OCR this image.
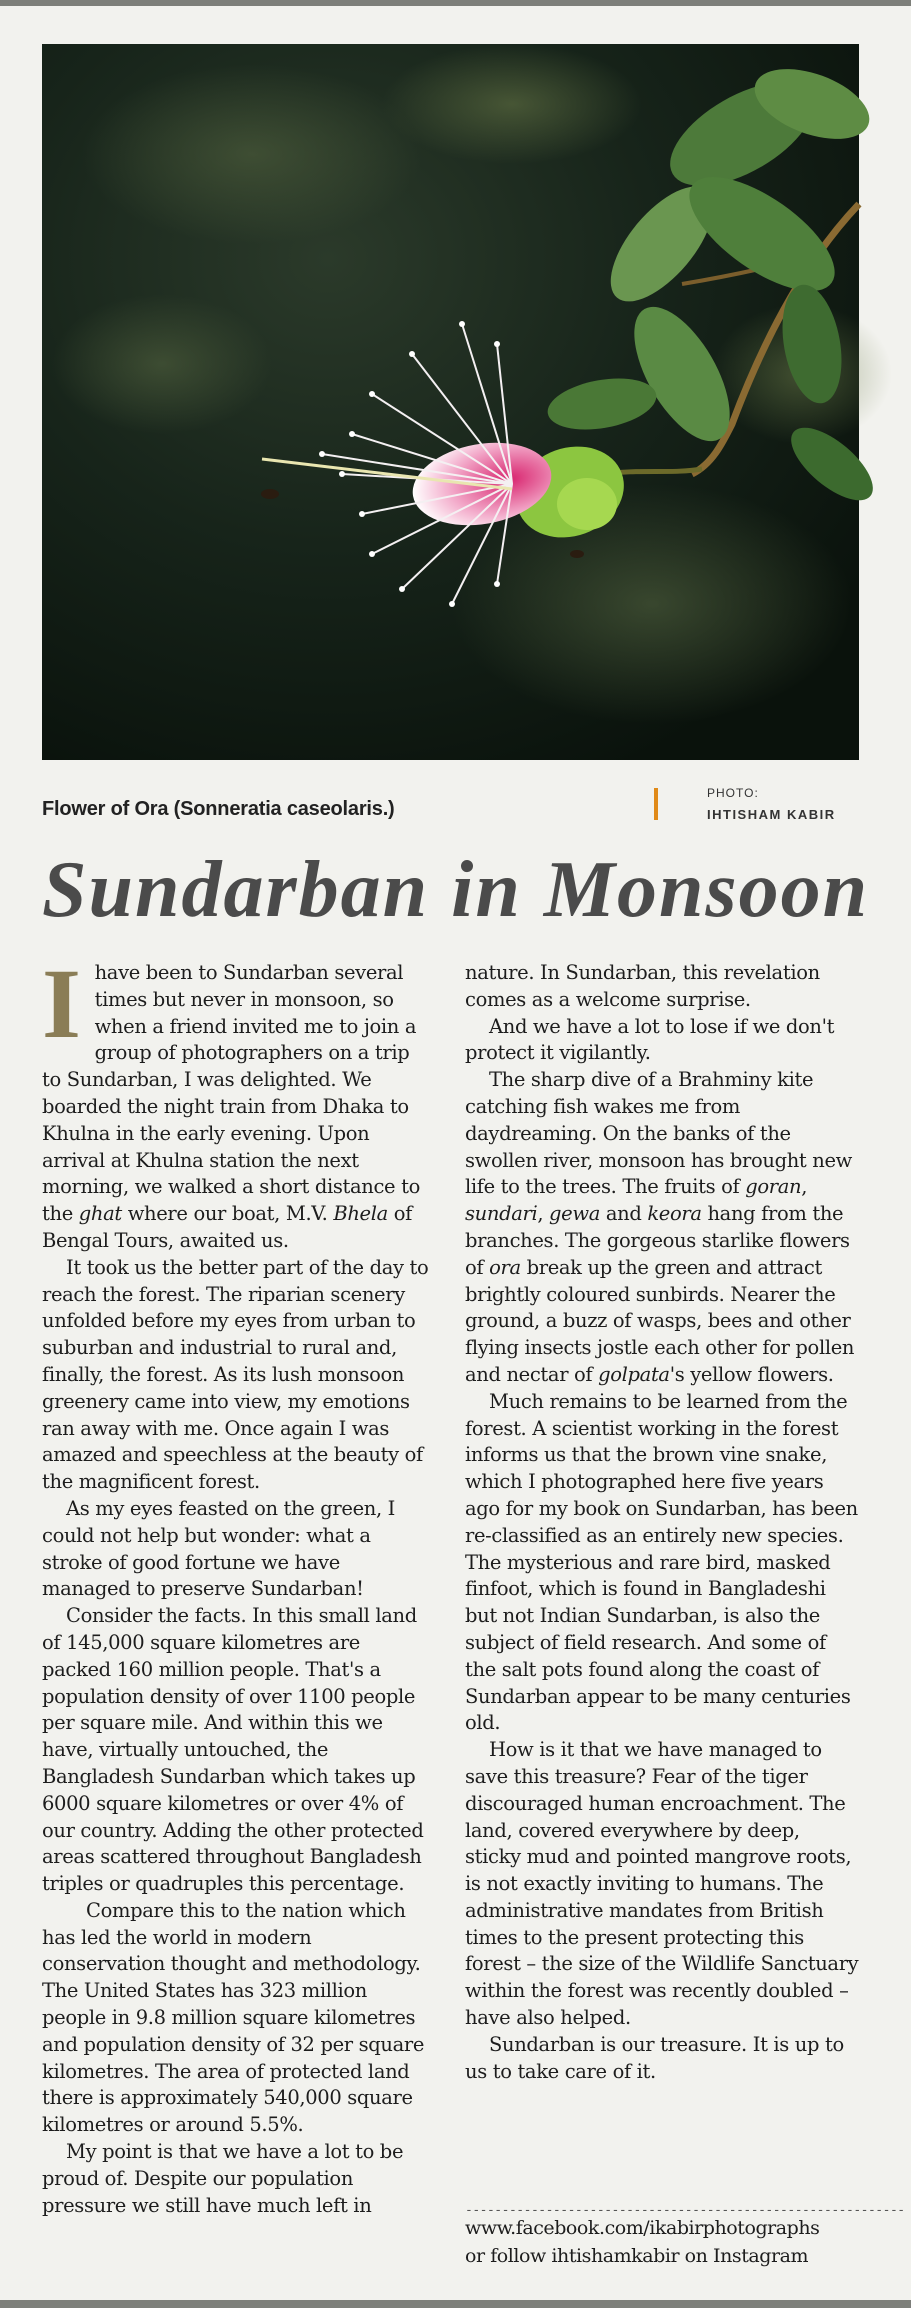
Flower of Ora (Sonneratia caseolaris.)
PHOTO:
IHTISHAM KABIR
Sundarban in Monsoon

Ihave been to Sundarban several times but never in monsoon, so when a friend invited me to join a group of photographers on a trip to Sundarban, I was delighted. We boarded the night train from Dhaka to Khulna in the early evening. Upon arrival at Khulna station the next morning, we walked a short distance to the ghat where our boat, M.V. Bhela of Bengal Tours, awaited us.

It took us the better part of the day to reach the forest. The riparian scenery unfolded before my eyes from urban to suburban and industrial to rural and, finally, the forest. As its lush monsoon greenery came into view, my emotions ran away with me. Once again I was amazed and speechless at the beauty of the magnificent forest.

As my eyes feasted on the green, I could not help but wonder: what a stroke of good fortune we have managed to preserve Sundarban!

Consider the facts. In this small land of 145,000 square kilometres are packed 160 million people. That's a population density of over 1100 people per square mile. And within this we have, virtually untouched, the Bangladesh Sundarban which takes up 6000 square kilometres or over 4% of our country. Adding the other protected areas scattered throughout Bangladesh triples or quadruples this percentage.

Compare this to the nation which has led the world in modern conservation thought and methodology. The United States has 323 million people in 9.8 million square kilometres and population density of 32 per square kilometres. The area of protected land there is approximately 540,000 square kilometres or around 5.5%.

My point is that we have a lot to be proud of. Despite our population pressure we still have much left in

nature. In Sundarban, this revelation comes as a welcome surprise.

And we have a lot to lose if we don't protect it vigilantly.

The sharp dive of a Brahminy kite catching fish wakes me from daydreaming. On the banks of the swollen river, monsoon has brought new life to the trees. The fruits of goran, sundari, gewa and keora hang from the branches. The gorgeous starlike flowers of ora break up the green and attract brightly coloured sunbirds. Nearer the ground, a buzz of wasps, bees and other flying insects jostle each other for pollen and nectar of golpata's yellow flowers.

Much remains to be learned from the forest. A scientist working in the forest informs us that the brown vine snake, which I photographed here five years ago for my book on Sundarban, has been re-classified as an entirely new species. The mysterious and rare bird, masked finfoot, which is found in Bangladeshi but not Indian Sundarban, is also the subject of field research. And some of the salt pots found along the coast of Sundarban appear to be many centuries old.

How is it that we have managed to save this treasure? Fear of the tiger discouraged human encroachment. The land, covered everywhere by deep, sticky mud and pointed mangrove roots, is not exactly inviting to humans. The administrative mandates from British times to the present protecting this forest – the size of the Wildlife Sanctuary within the forest was recently doubled – have also helped.

Sundarban is our treasure. It is up to us to take care of it.

------------------------------------------------------------
www.facebook.com/ikabirphotographs
or follow ihtishamkabir on Instagram
